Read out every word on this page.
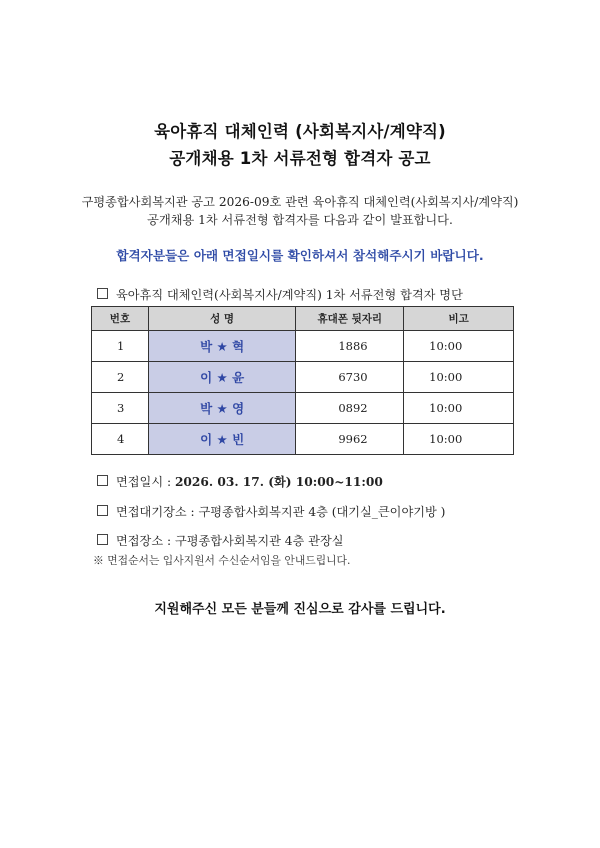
육아휴직 대체인력 (사회복지사/계약직)
공개채용 1차 서류전형 합격자 공고
구평종합사회복지관 공고 2026-09호 관련 육아휴직 대체인력(사회복지사/계약직)
공개채용 1차 서류전형 합격자를 다음과 같이 발표합니다.
합격자분들은 아래 면접일시를 확인하셔서 참석해주시기 바랍니다.
육아휴직 대체인력(사회복지사/계약직) 1차 서류전형 합격자 명단
번호	성 명	휴대폰 뒷자리	비고
1	박 ★ 혁	1886	10:00
2	이 ★ 윤	6730	10:00
3	박 ★ 영	0892	10:00
4	이 ★ 빈	9962	10:00
면접일시 : 2026. 03. 17. (화) 10:00~11:00
면접대기장소 : 구평종합사회복지관 4층 (대기실_큰이야기방 )
면접장소 : 구평종합사회복지관 4층 관장실
※ 면접순서는 입사지원서 수신순서임을 안내드립니다.
지원해주신 모든 분들께 진심으로 감사를 드립니다.
